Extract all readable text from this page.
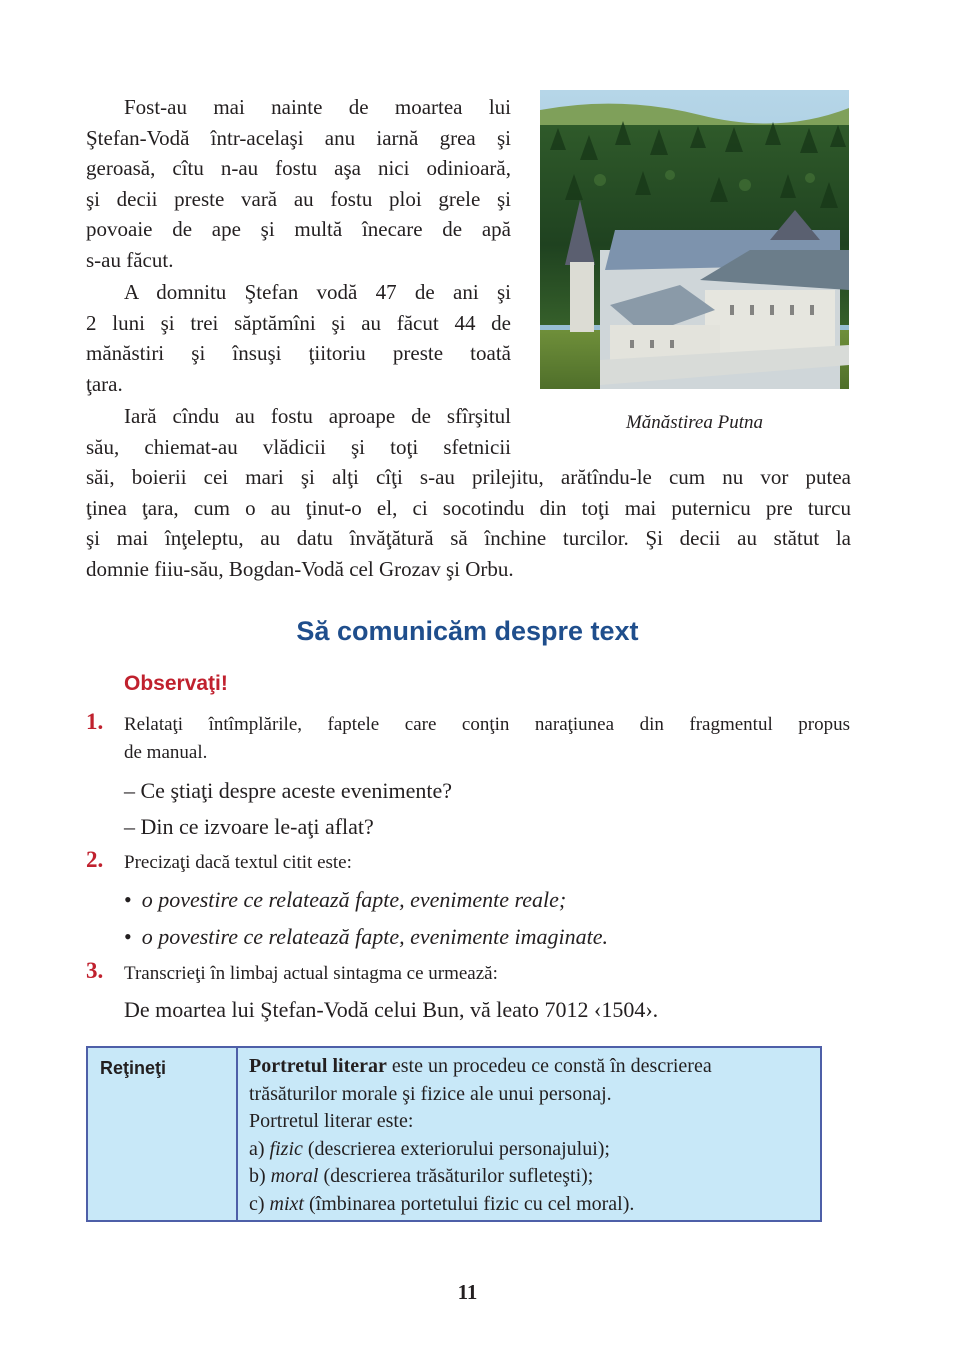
Fost-au mai nainte de moartea lui
Ştefan-Vodă într-acelaşi anu iarnă grea şi
geroasă, cîtu n-au fostu aşa nici odinioară,
şi decii preste vară au fostu ploi grele şi
povoaie de ape şi multă înecare de apă
s-au făcut.
A domnitu Ştefan vodă 47 de ani şi
2 luni şi trei săptămîni şi au făcut 44 de
mănăstiri şi însuşi ţiitoriu preste toată
ţara.
Iară cîndu au fostu aproape de sfîrşitul
său, chiemat-au vlădicii şi toţi sfetnicii
săi, boierii cei mari şi alţi cîţi s-au prilejitu, arătîndu-le cum nu vor putea
ţinea ţara, cum o au ţinut-o el, ci socotindu din toţi mai puternicu pre turcu
şi mai înţeleptu, au datu învăţătură să închine turcilor. Şi decii au stătut la
domnie fiiu-său, Bogdan-Vodă cel Grozav şi Orbu.
Mănăstirea Putna
Să comunicăm despre text
Observaţi!
1. Relataţi întîmplările, faptele care conţin naraţiunea din fragmentul propus
de manual.
– Ce ştiaţi despre aceste evenimente?
– Din ce izvoare le-aţi aflat?
2. Precizaţi dacă textul citit este:
• o povestire ce relatează fapte, evenimente reale;
• o povestire ce relatează fapte, evenimente imaginate.
3. Transcrieţi în limbaj actual sintagma ce urmează:
De moartea lui Ştefan-Vodă celui Bun, vă leato 7012 ‹1504›.
Reţineţi	Portretul literar este un procedeu ce constă în descrierea
trăsăturilor morale şi fizice ale unui personaj.
Portretul literar este:
a) fizic (descrierea exteriorului personajului);
b) moral (descrierea trăsăturilor sufleteşti);
c) mixt (îmbinarea portetului fizic cu cel moral).
11
